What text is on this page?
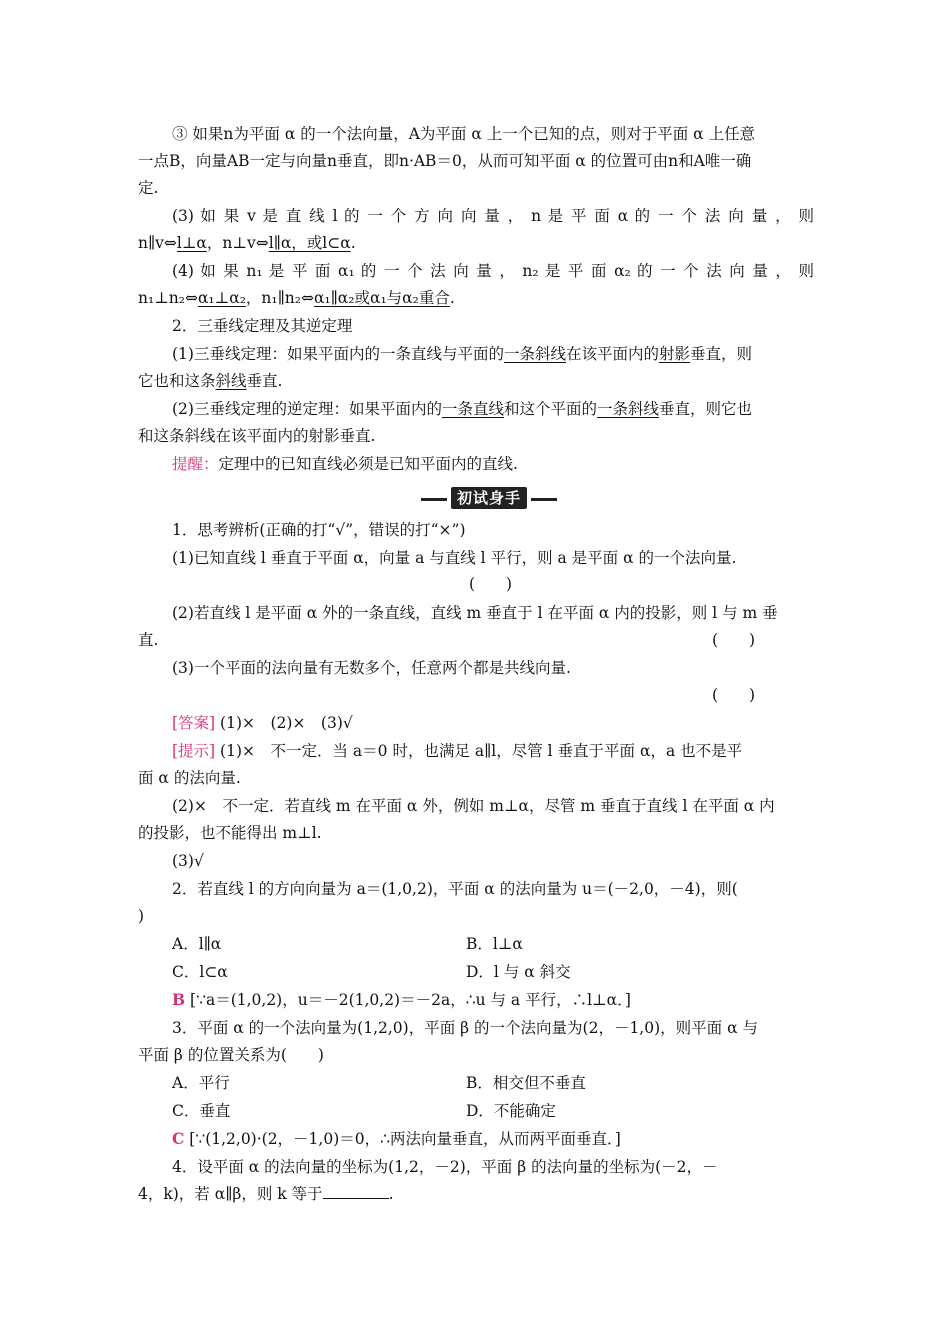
③ 如果n为平面 α 的一个法向量，A为平面 α 上一个已知的点，则对于平面 α 上任意
一点B，向量AB一定与向量n垂直，即n·AB＝0，从而可知平面 α 的位置可由n和A唯一确
定.
(3) 如 果 v 是 直 线 l 的 一 个 方 向 向 量 ， n 是 平 面 α 的 一 个 法 向 量 ， 则
n∥v⇔l⊥α，n⊥v⇔l∥α，或l⊂α.
(4) 如 果 n₁ 是 平 面 α₁ 的 一 个 法 向 量 ， n₂ 是 平 面 α₂ 的 一 个 法 向 量 ， 则
n₁⊥n₂⇔α₁⊥α₂，n₁∥n₂⇔α₁∥α₂或α₁与α₂重合.
2．三垂线定理及其逆定理
(1)三垂线定理：如果平面内的一条直线与平面的一条斜线在该平面内的射影垂直，则
它也和这条斜线垂直.
(2)三垂线定理的逆定理：如果平面内的一条直线和这个平面的一条斜线垂直，则它也
和这条斜线在该平面内的射影垂直.
提醒：定理中的已知直线必须是已知平面内的直线.
初试身手
1．思考辨析(正确的打“√”，错误的打“×”)
(1)已知直线 l 垂直于平面 α，向量 a 与直线 l 平行，则 a 是平面 α 的一个法向量.
(　　)
(2)若直线 l 是平面 α 外的一条直线，直线 m 垂直于 l 在平面 α 内的投影，则 l 与 m 垂
直.	(　　)
(3)一个平面的法向量有无数多个，任意两个都是共线向量.
(　　)
[答案] (1)×　(2)×　(3)√
[提示] (1)×　不一定．当 a＝0 时，也满足 a∥l，尽管 l 垂直于平面 α，a 也不是平
面 α 的法向量.
(2)×　不一定．若直线 m 在平面 α 外，例如 m⊥α，尽管 m 垂直于直线 l 在平面 α 内
的投影，也不能得出 m⊥l.
(3)√
2．若直线 l 的方向向量为 a＝(1,0,2)，平面 α 的法向量为 u＝(－2,0，－4)，则(
)
A．l∥α	B．l⊥α
C．l⊂α	D．l 与 α 斜交
B [∵a＝(1,0,2)，u＝－2(1,0,2)＝－2a，∴u 与 a 平行，∴l⊥α．]
3．平面 α 的一个法向量为(1,2,0)，平面 β 的一个法向量为(2，－1,0)，则平面 α 与
平面 β 的位置关系为(　　)
A．平行	B．相交但不垂直
C．垂直	D．不能确定
C [∵(1,2,0)·(2，－1,0)＝0，∴两法向量垂直，从而两平面垂直．]
4．设平面 α 的法向量的坐标为(1,2，－2)，平面 β 的法向量的坐标为(－2，－
4，k)，若 α∥β，则 k 等于	.
